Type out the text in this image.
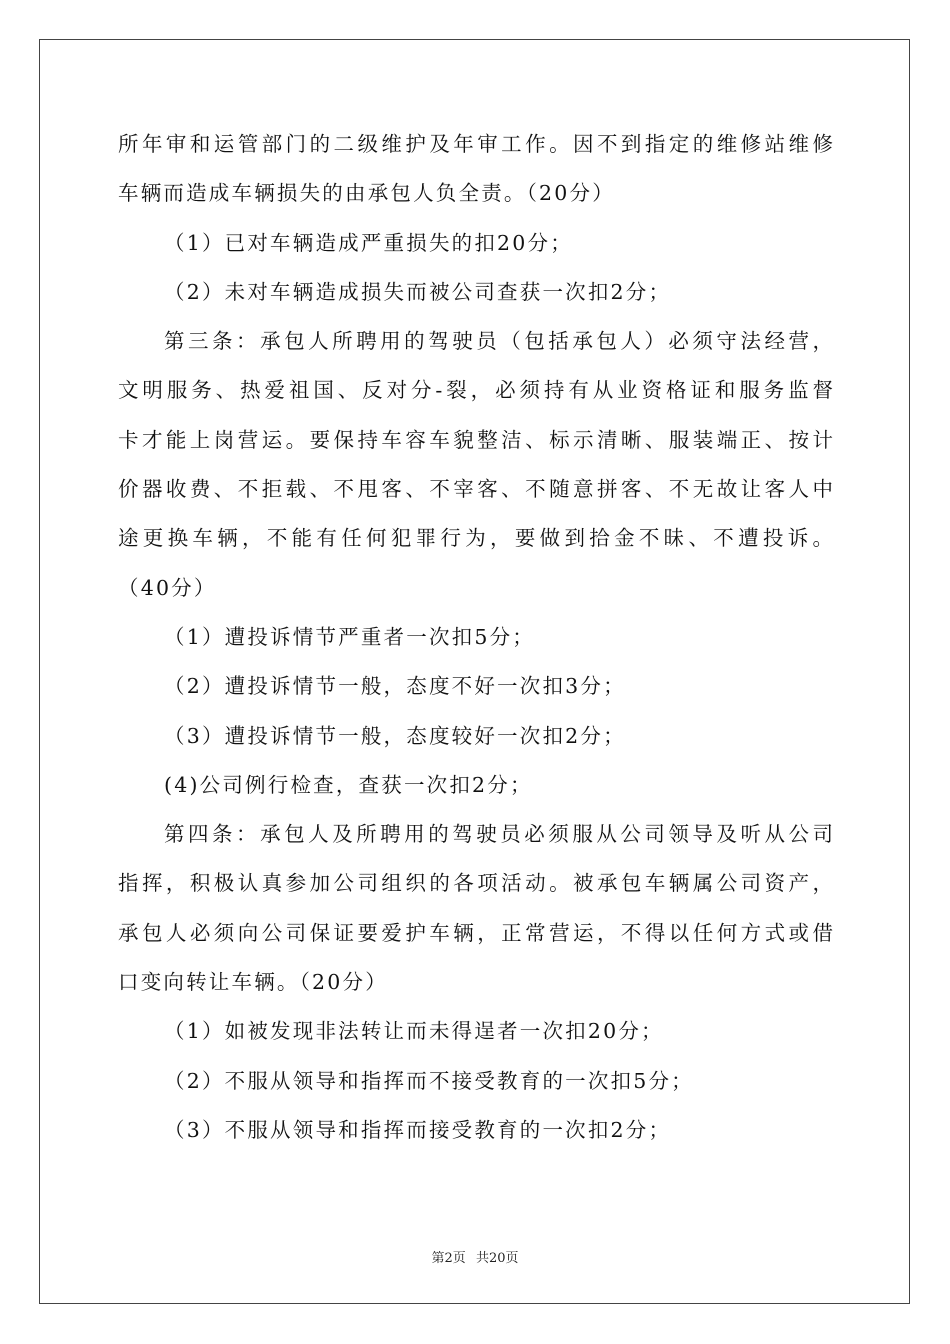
所年审和运管部门的二级维护及年审工作。因不到指定的维修站维修
车辆而造成车辆损失的由承包人负全责。（20分）
（1）已对车辆造成严重损失的扣20分；
（2）未对车辆造成损失而被公司查获一次扣2分；
第三条：承包人所聘用的驾驶员（包括承包人）必须守法经营，
文明服务、热爱祖国、反对分-裂，必须持有从业资格证和服务监督
卡才能上岗营运。要保持车容车貌整洁、标示清晰、服装端正、按计
价器收费、不拒载、不甩客、不宰客、不随意拼客、不无故让客人中
途更换车辆，不能有任何犯罪行为，要做到拾金不昧、不遭投诉。
（40分）
（1）遭投诉情节严重者一次扣5分；
（2）遭投诉情节一般，态度不好一次扣3分；
（3）遭投诉情节一般，态度较好一次扣2分；
(4)公司例行检查，查获一次扣2分；
第四条：承包人及所聘用的驾驶员必须服从公司领导及听从公司
指挥，积极认真参加公司组织的各项活动。被承包车辆属公司资产，
承包人必须向公司保证要爱护车辆，正常营运，不得以任何方式或借
口变向转让车辆。（20分）
（1）如被发现非法转让而未得逞者一次扣20分；
（2）不服从领导和指挥而不接受教育的一次扣5分；
（3）不服从领导和指挥而接受教育的一次扣2分；
第2页 共20页
